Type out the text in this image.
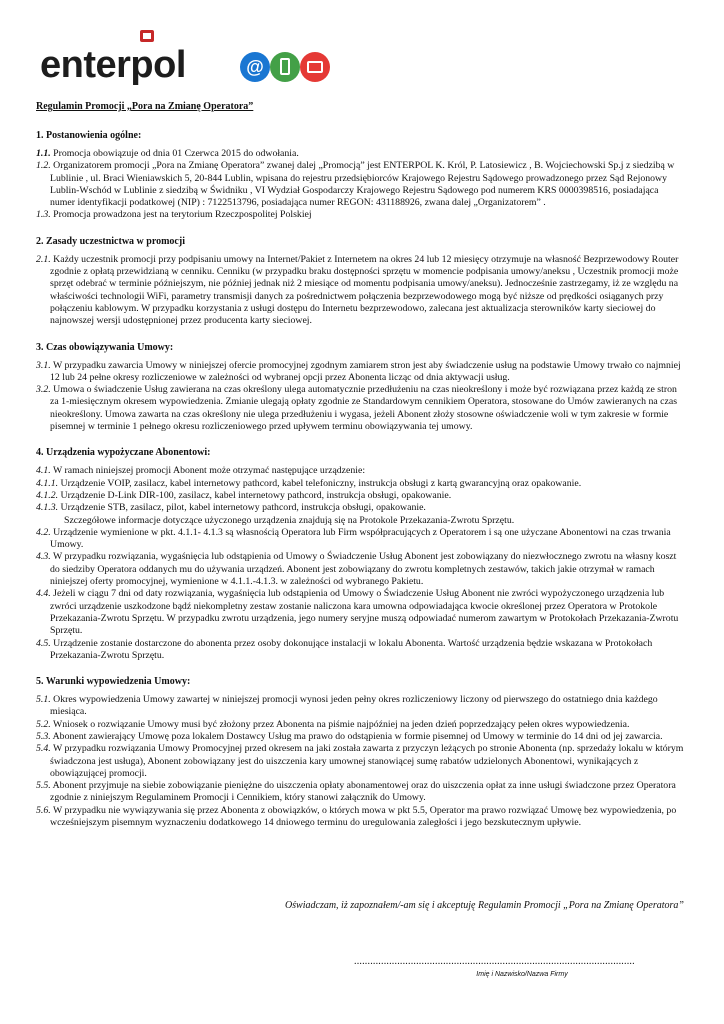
enterpol	@
Regulamin Promocji „Pora na Zmianę Operatora”

1. Postanowienia ogólne:

1.1. Promocja obowiązuje od dnia 01 Czerwca 2015 do odwołania.

1.2. Organizatorem promocji „Pora na Zmianę Operatora” zwanej dalej „Promocją” jest ENTERPOL K. Król, P. Latosiewicz , B. Wojciechowski Sp.j z siedzibą w Lublinie , ul. Braci Wieniawskich 5, 20-844 Lublin, wpisana do rejestru przedsiębiorców Krajowego Rejestru Sądowego prowadzonego przez Sąd Rejonowy Lublin-Wschód w Lublinie z siedzibą w Świdniku , VI Wydział Gospodarczy Krajowego Rejestru Sądowego pod numerem KRS 0000398516, posiadająca numer identyfikacji podatkowej (NIP) : 7122513796, posiadająca numer REGON: 431188926, zwana dalej „Organizatorem” .

1.3. Promocja prowadzona jest na terytorium Rzeczpospolitej Polskiej

2. Zasady uczestnictwa w promocji

2.1. Każdy uczestnik promocji przy podpisaniu umowy na Internet/Pakiet z Internetem na okres 24 lub 12 miesięcy otrzymuje na własność Bezprzewodowy Router zgodnie z opłatą przewidzianą w cenniku. Cenniku (w przypadku braku dostępności sprzętu w momencie podpisania umowy/aneksu , Uczestnik promocji może sprzęt odebrać w terminie późniejszym, nie później jednak niż 2 miesiące od momentu podpisania umowy/aneksu). Jednocześnie zastrzegamy, iż ze względu na właściwości technologii WiFi, parametry transmisji danych za pośrednictwem połączenia bezprzewodowego mogą być niższe od prędkości osiąganych przy połączeniu kablowym. W przypadku korzystania z usługi dostępu do Internetu bezprzewodowo, zalecana jest aktualizacja sterowników karty sieciowej do najnowszej wersji udostępnionej przez producenta karty sieciowej.

3. Czas obowiązywania Umowy:

3.1. W przypadku zawarcia Umowy w niniejszej ofercie promocyjnej zgodnym zamiarem stron jest aby świadczenie usług na podstawie Umowy trwało co najmniej 12 lub 24 pełne okresy rozliczeniowe w zależności od wybranej opcji przez Abonenta licząc od dnia aktywacji usług.

3.2. Umowa o świadczenie Usług zawierana na czas określony ulega automatycznie przedłużeniu na czas nieokreślony i może być rozwiązana przez każdą ze stron za 1-miesięcznym okresem wypowiedzenia. Zmianie ulegają opłaty zgodnie ze Standardowym cennikiem Operatora, stosowane do Umów zawieranych na czas nieokreślony. Umowa zawarta na czas określony nie ulega przedłużeniu i wygasa, jeżeli Abonent złoży stosowne oświadczenie woli w tym zakresie w formie pisemnej w terminie 1 pełnego okresu rozliczeniowego przed upływem terminu obowiązywania tej umowy.

4. Urządzenia wypożyczane Abonentowi:

4.1. W ramach niniejszej promocji Abonent może otrzymać następujące urządzenie:

4.1.1. Urządzenie VOIP, zasilacz, kabel internetowy pathcord, kabel telefoniczny, instrukcja obsługi z kartą gwarancyjną oraz opakowanie.

4.1.2. Urządzenie D-Link DIR-100, zasilacz, kabel internetowy pathcord, instrukcja obsługi, opakowanie.

4.1.3. Urządzenie STB, zasilacz, pilot, kabel internetowy pathcord, instrukcja obsługi, opakowanie.

Szczegółowe informacje dotyczące użyczonego urządzenia znajdują się na Protokole Przekazania-Zwrotu Sprzętu.

4.2. Urządzenie wymienione w pkt. 4.1.1- 4.1.3 są własnością Operatora lub Firm współpracujących z Operatorem i są one użyczane Abonentowi na czas trwania Umowy.

4.3. W przypadku rozwiązania, wygaśnięcia lub odstąpienia od Umowy o Świadczenie Usług Abonent jest zobowiązany do niezwłocznego zwrotu na własny koszt do siedziby Operatora oddanych mu do używania urządzeń. Abonent jest zobowiązany do zwrotu kompletnych zestawów, takich jakie otrzymał w ramach niniejszej oferty promocyjnej, wymienione w 4.1.1.-4.1.3. w zależności od wybranego Pakietu.

4.4. Jeżeli w ciągu 7 dni od daty rozwiązania, wygaśnięcia lub odstąpienia od Umowy o Świadczenie Usług Abonent nie zwróci wypożyczonego urządzenia lub zwróci urządzenie uszkodzone bądź niekompletny zestaw zostanie naliczona kara umowna odpowiadająca kwocie określonej przez Operatora w Protokole Przekazania-Zwrotu Sprzętu. W przypadku zwrotu urządzenia, jego numery seryjne muszą odpowiadać numerom zawartym w Protokołach Przekazania-Zwrotu Sprzętu.

4.5. Urządzenie zostanie dostarczone do abonenta przez osoby dokonujące instalacji w lokalu Abonenta. Wartość urządzenia będzie wskazana w Protokołach Przekazania-Zwrotu Sprzętu.

5. Warunki wypowiedzenia Umowy:

5.1. Okres wypowiedzenia Umowy zawartej w niniejszej promocji wynosi jeden pełny okres rozliczeniowy liczony od pierwszego do ostatniego dnia każdego miesiąca.

5.2. Wniosek o rozwiązanie Umowy musi być złożony przez Abonenta na piśmie najpóźniej na jeden dzień poprzedzający pełen okres wypowiedzenia.

5.3. Abonent zawierający Umowę poza lokalem Dostawcy Usług ma prawo do odstąpienia w formie pisemnej od Umowy w terminie do 14 dni od jej zawarcia.

5.4. W przypadku rozwiązania Umowy Promocyjnej przed okresem na jaki została zawarta z przyczyn leżących po stronie Abonenta (np. sprzedaży lokalu w którym świadczona jest usługa), Abonent zobowiązany jest do uiszczenia kary umownej stanowiącej sumę rabatów udzielonych Abonentowi, wynikających z obowiązującej promocji.

5.5. Abonent przyjmuje na siebie zobowiązanie pieniężne do uiszczenia opłaty abonamentowej oraz do uiszczenia opłat za inne usługi świadczone przez Operatora zgodnie z niniejszym Regulaminem Promocji i Cennikiem, który stanowi załącznik do Umowy.

5.6. W przypadku nie wywiązywania się przez Abonenta z obowiązków, o których mowa w pkt 5.5, Operator ma prawo rozwiązać Umowę bez wypowiedzenia, po wcześniejszym pisemnym wyznaczeniu dodatkowego 14 dniowego terminu do uregulowania zaległości i jego bezskutecznym upływie.

Oświadczam, iż zapoznałem/-am się i akceptuję Regulamin Promocji „Pora na Zmianę Operatora”

........................................................................................................
Imię i Nazwisko/Nazwa Firmy
